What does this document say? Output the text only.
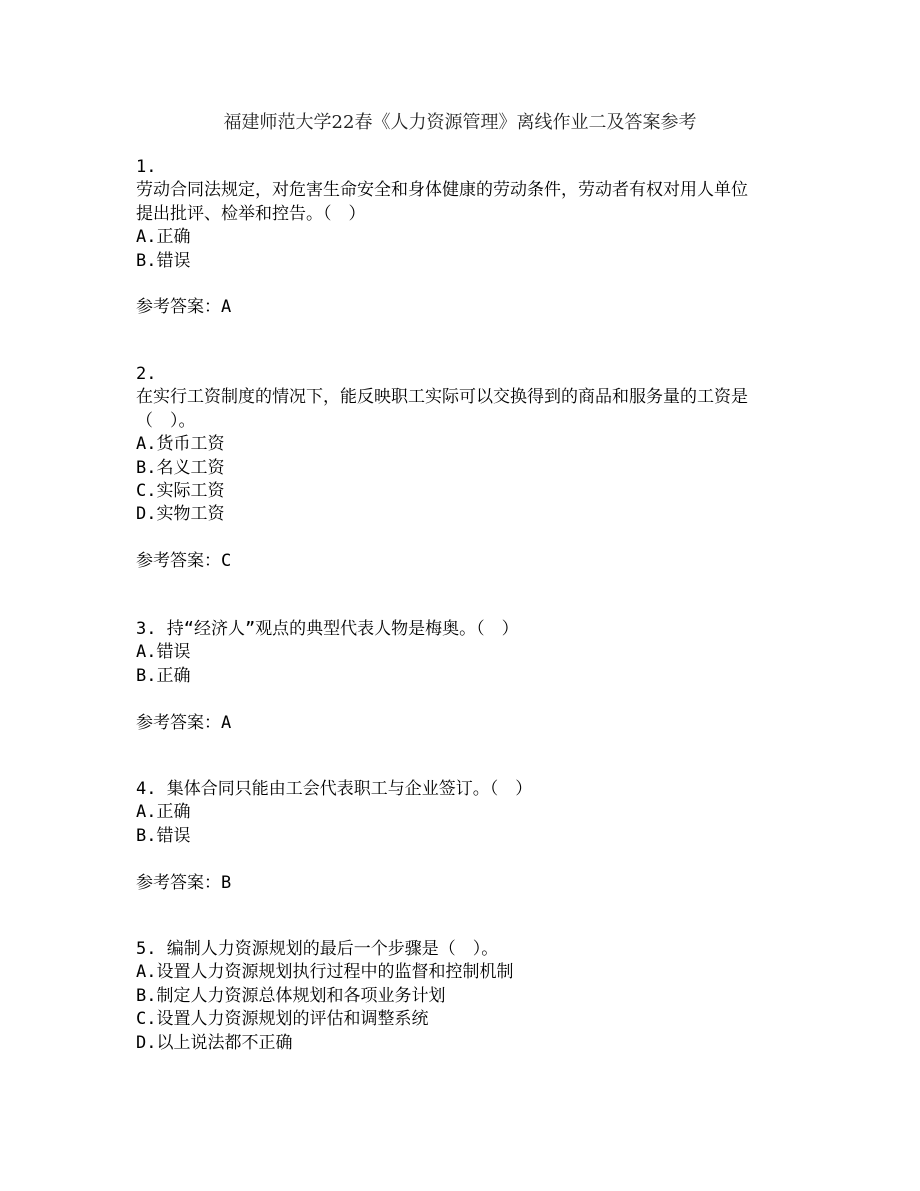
福建师范大学22春《人力资源管理》离线作业二及答案参考
1.
劳动合同法规定，对危害生命安全和身体健康的劳动条件，劳动者有权对用人单位
提出批评、检举和控告。（　）
A.正确
B.错误
参考答案：A
2.
在实行工资制度的情况下，能反映职工实际可以交换得到的商品和服务量的工资是
（　）。
A.货币工资
B.名义工资
C.实际工资
D.实物工资
参考答案：C
3. 持“经济人”观点的典型代表人物是梅奥。（　）
A.错误
B.正确
参考答案：A
4. 集体合同只能由工会代表职工与企业签订。（　）
A.正确
B.错误
参考答案：B
5. 编制人力资源规划的最后一个步骤是（　）。
A.设置人力资源规划执行过程中的监督和控制机制
B.制定人力资源总体规划和各项业务计划
C.设置人力资源规划的评估和调整系统
D.以上说法都不正确
